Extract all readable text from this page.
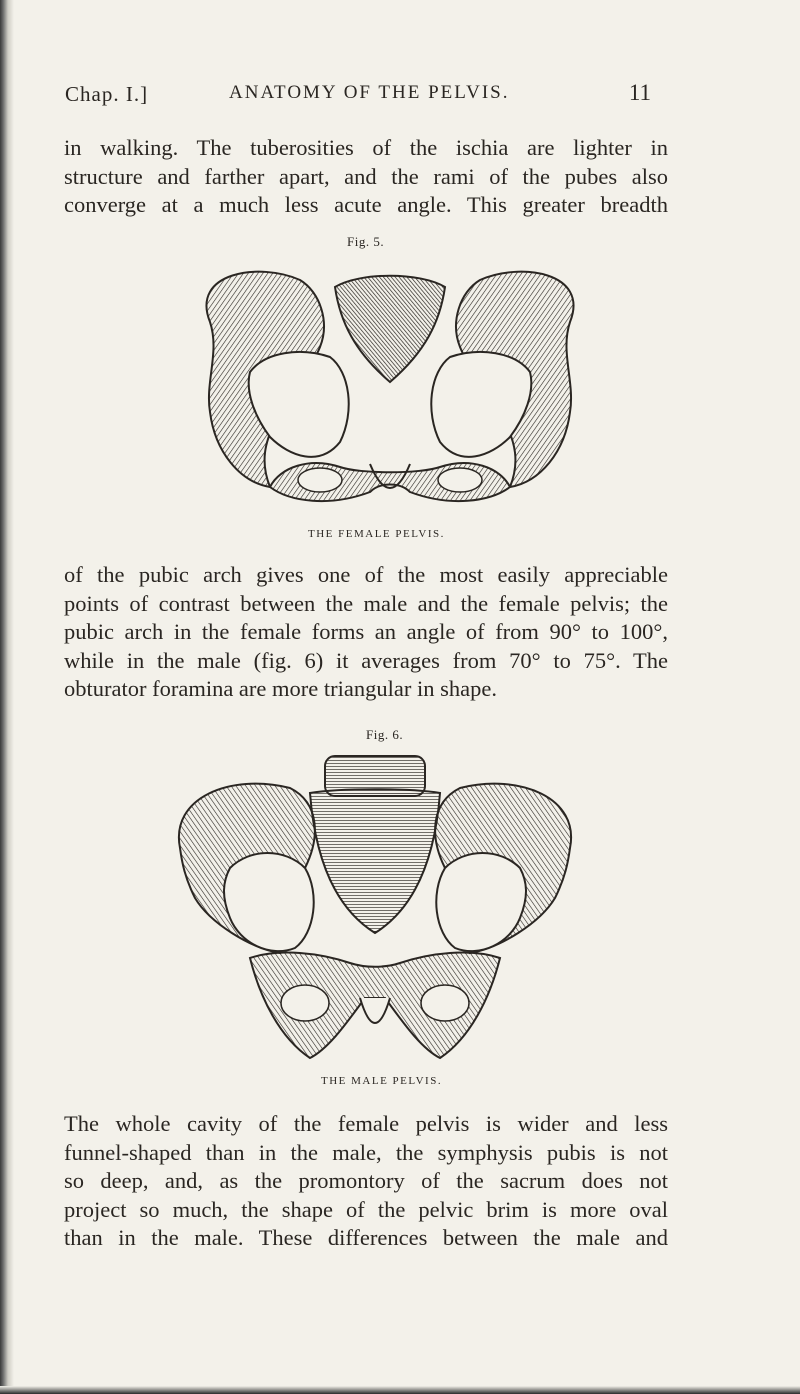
Chap. I.]	ANATOMY OF THE PELVIS.	11
in walking. The tuberosities of the ischia are lighter in
structure and farther apart, and the rami of the pubes also
converge at a much less acute angle. This greater breadth
Fig. 5.
THE FEMALE PELVIS.
of the pubic arch gives one of the most easily appreciable
points of contrast between the male and the female pelvis; the
pubic arch in the female forms an angle of from 90° to 100°,
while in the male (fig. 6) it averages from 70° to 75°. The
obturator foramina are more triangular in shape.
Fig. 6.
THE MALE PELVIS.
The whole cavity of the female pelvis is wider and less
funnel-shaped than in the male, the symphysis pubis is not
so deep, and, as the promontory of the sacrum does not
project so much, the shape of the pelvic brim is more oval
than in the male. These differences between the male and
